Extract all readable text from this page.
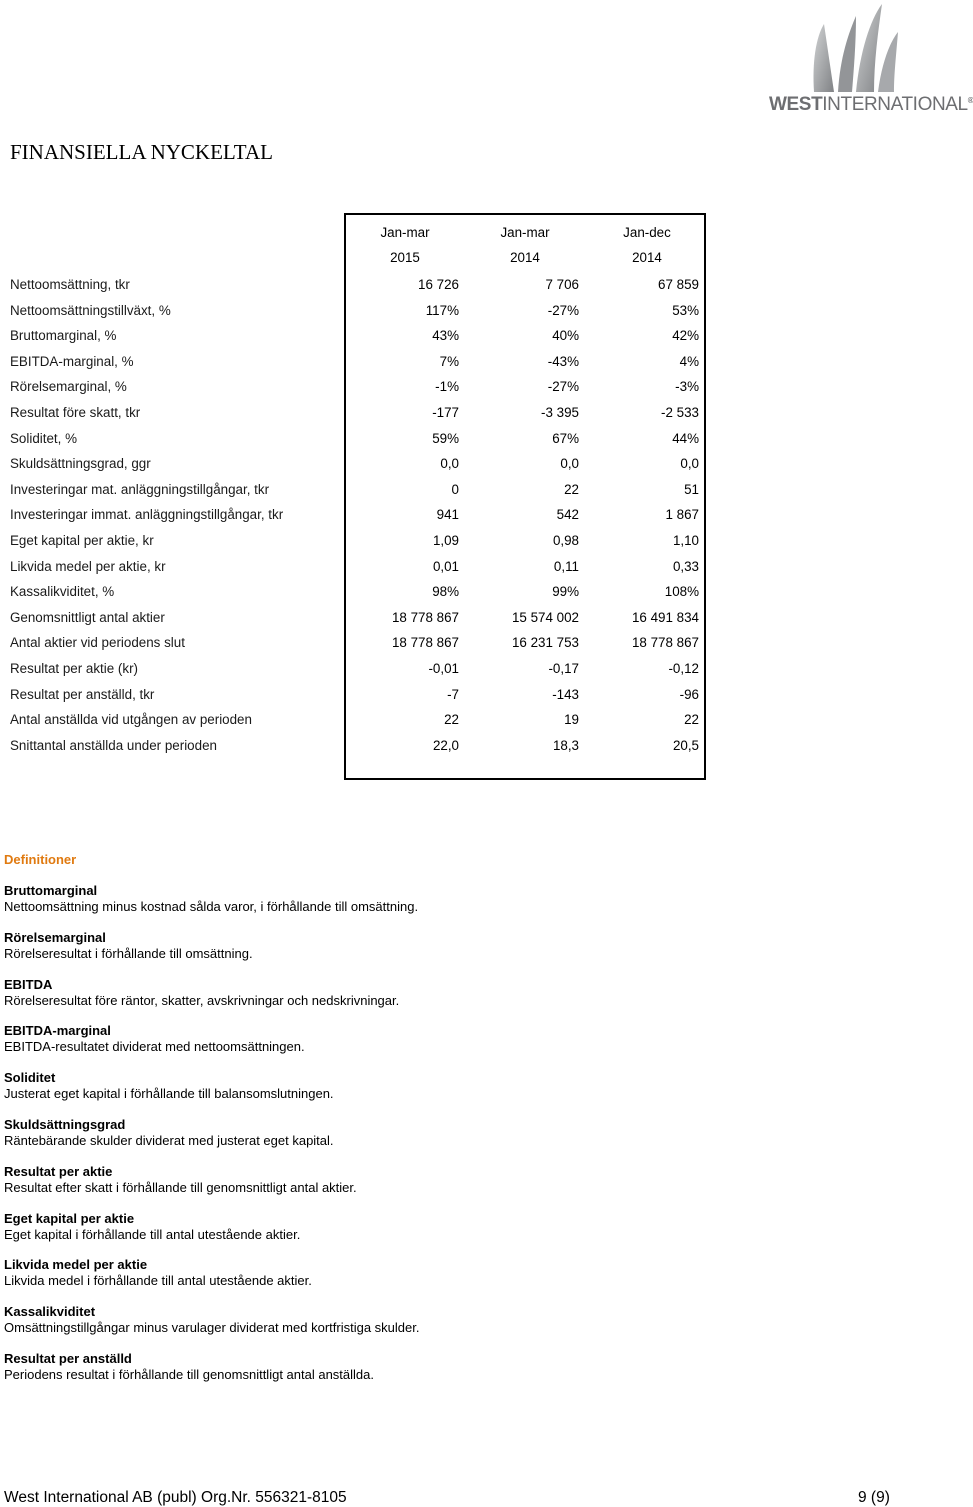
WESTINTERNATIONAL®
FINANSIELLA NYCKELTAL
Jan-mar
2015
Jan-mar
2014
Jan-dec
2014
Nettoomsättning, tkr	16 726	7 706	67 859
Nettoomsättningstillväxt, %	117%	-27%	53%
Bruttomarginal, %	43%	40%	42%
EBITDA-marginal, %	7%	-43%	4%
Rörelsemarginal, %	-1%	-27%	-3%
Resultat före skatt, tkr	-177	-3 395	-2 533
Soliditet, %	59%	67%	44%
Skuldsättningsgrad, ggr	0,0	0,0	0,0
Investeringar mat. anläggningstillgångar, tkr	0	22	51
Investeringar immat. anläggningstillgångar, tkr	941	542	1 867
Eget kapital per aktie, kr	1,09	0,98	1,10
Likvida medel per aktie, kr	0,01	0,11	0,33
Kassalikviditet, %	98%	99%	108%
Genomsnittligt antal aktier	18 778 867	15 574 002	16 491 834
Antal aktier vid periodens slut	18 778 867	16 231 753	18 778 867
Resultat per aktie (kr)	-0,01	-0,17	-0,12
Resultat per anställd, tkr	-7	-143	-96
Antal anställda vid utgången av perioden	22	19	22
Snittantal anställda under perioden	22,0	18,3	20,5
Definitioner
Bruttomarginal
Nettoomsättning minus kostnad sålda varor, i förhållande till omsättning.
Rörelsemarginal
Rörelseresultat i förhållande till omsättning.
EBITDA
Rörelseresultat före räntor, skatter, avskrivningar och nedskrivningar.
EBITDA-marginal
EBITDA-resultatet dividerat med nettoomsättningen.
Soliditet
Justerat eget kapital i förhållande till balansomslutningen.
Skuldsättningsgrad
Räntebärande skulder dividerat med justerat eget kapital.
Resultat per aktie
Resultat efter skatt i förhållande till genomsnittligt antal aktier.
Eget kapital per aktie
Eget kapital i förhållande till antal utestående aktier.
Likvida medel per aktie
Likvida medel i förhållande till antal utestående aktier.
Kassalikviditet
Omsättningstillgångar minus varulager dividerat med kortfristiga skulder.
Resultat per anställd
Periodens resultat i förhållande till genomsnittligt antal anställda.
West International AB (publ) Org.Nr. 556321-8105	9 (9)
